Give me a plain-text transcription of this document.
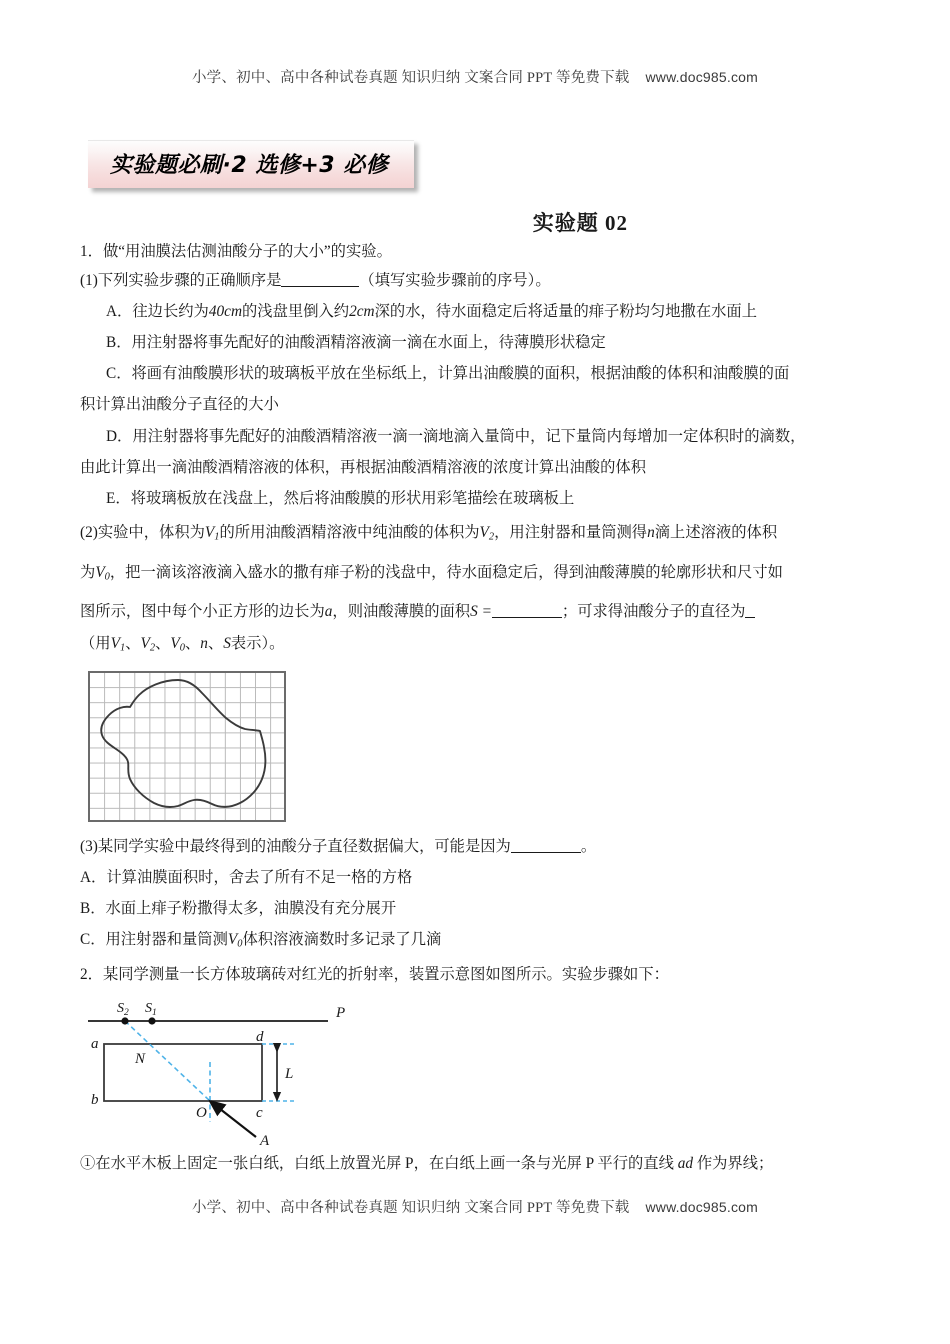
小学、初中、高中各种试卷真题 知识归纳 文案合同 PPT 等免费下载 www.doc985.com
实验题必刷·2 选修+3 必修
实验题 02
1．做“用油膜法估测油酸分子的大小”的实验。
(1)下列实验步骤的正确顺序是	（填写实验步骤前的序号）。
A．往边长约为40cm的浅盘里倒入约2cm深的水，待水面稳定后将适量的痱子粉均匀地撒在水面上
B．用注射器将事先配好的油酸酒精溶液滴一滴在水面上，待薄膜形状稳定
C．将画有油酸膜形状的玻璃板平放在坐标纸上，计算出油酸膜的面积，根据油酸的体积和油酸膜的面
积计算出油酸分子直径的大小
D．用注射器将事先配好的油酸酒精溶液一滴一滴地滴入量筒中，记下量筒内每增加一定体积时的滴数，
由此计算出一滴油酸酒精溶液的体积，再根据油酸酒精溶液的浓度计算出油酸的体积
E．将玻璃板放在浅盘上，然后将油酸膜的形状用彩笔描绘在玻璃板上
(2)实验中，体积为$V_1$的所用油酸酒精溶液中纯油酸的体积为$V_2$，用注射器和量筒测得n滴上述溶液的体积
为$V_0$，把一滴该溶液滴入盛水的撒有痱子粉的浅盘中，待水面稳定后，得到油酸薄膜的轮廓形状和尺寸如
图所示，图中每个小正方形的边长为a，则油酸薄膜的面积S =	；可求得油酸分子的直径为
（用$V_1$、$V_2$、$V_0$、n、S表示）。
(3)某同学实验中最终得到的油酸分子直径数据偏大，可能是因为	。
A．计算油膜面积时，舍去了所有不足一格的方格
B．水面上痱子粉撒得太多，油膜没有充分展开
C．用注射器和量筒测$V_0$体积溶液滴数时多记录了几滴
2．某同学测量一长方体玻璃砖对红光的折射率，装置示意图如图所示。实验步骤如下：
$S_2$ $S_1$	P
a
b
d
c
N
O
A
L
①在水平木板上固定一张白纸，白纸上放置光屏 P，在白纸上画一条与光屏 P 平行的直线 ad 作为界线；
小学、初中、高中各种试卷真题 知识归纳 文案合同 PPT 等免费下载 www.doc985.com
